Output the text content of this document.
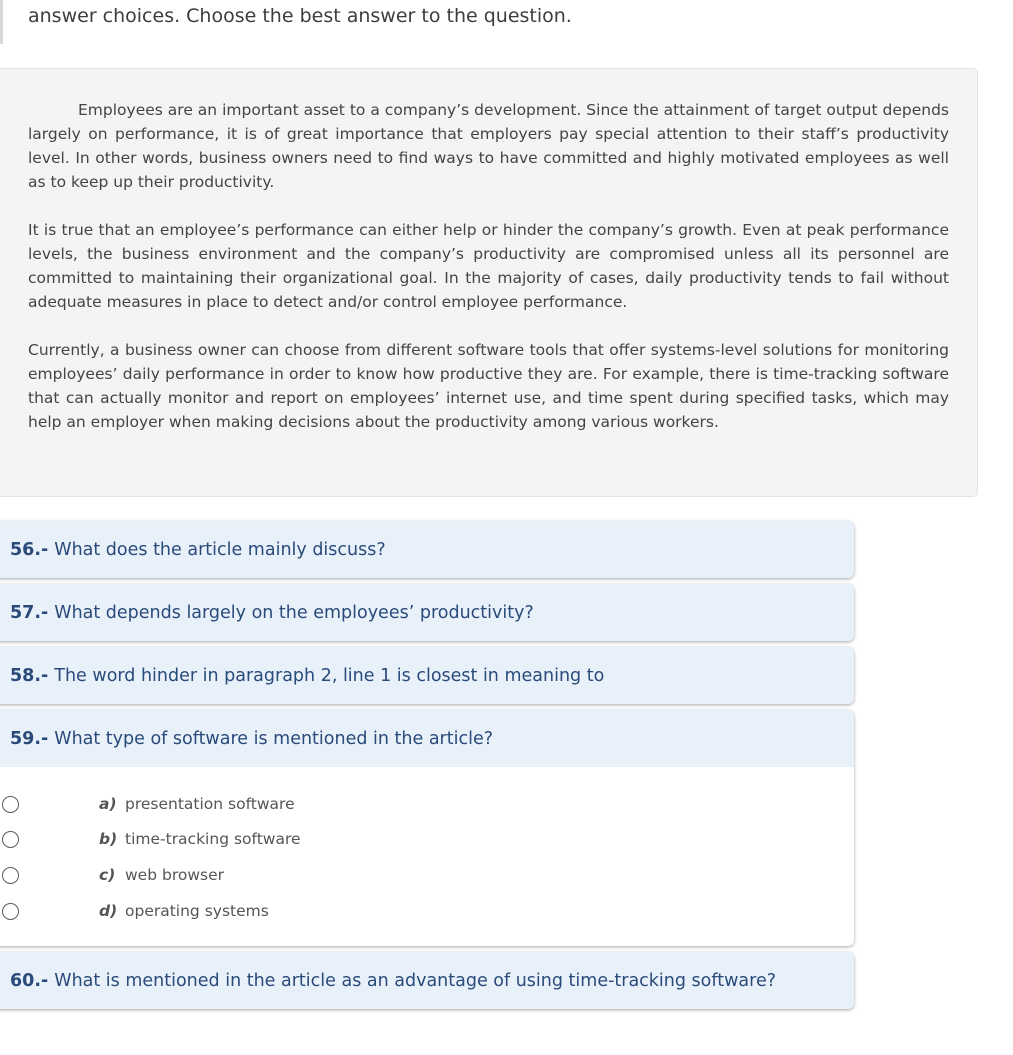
answer choices. Choose the best answer to the question.

Employees are an important asset to a company’s development. Since the attainment of target output depends largely on performance, it is of great importance that employers pay special attention to their staff’s productivity level. In other words, business owners need to find ways to have committed and highly motivated employees as well as to keep up their productivity.

It is true that an employee’s performance can either help or hinder the company’s growth. Even at peak performance levels, the business environment and the company’s productivity are compromised unless all its personnel are committed to maintaining their organizational goal. In the majority of cases, daily productivity tends to fail without adequate measures in place to detect and/or control employee performance.

Currently, a business owner can choose from different software tools that offer systems-level solutions for monitoring employees’ daily performance in order to know how productive they are. For example, there is time-tracking software that can actually monitor and report on employees’ internet use, and time spent during specified tasks, which may help an employer when making decisions about the productivity among various workers.

56.- What does the article mainly discuss?
57.- What depends largely on the employees’ productivity?
58.- The word hinder in paragraph 2, line 1 is closest in meaning to
59.- What type of software is mentioned in the article?
a) presentation software
b) time-tracking software
c) web browser
d) operating systems
60.- What is mentioned in the article as an advantage of using time-tracking software?
